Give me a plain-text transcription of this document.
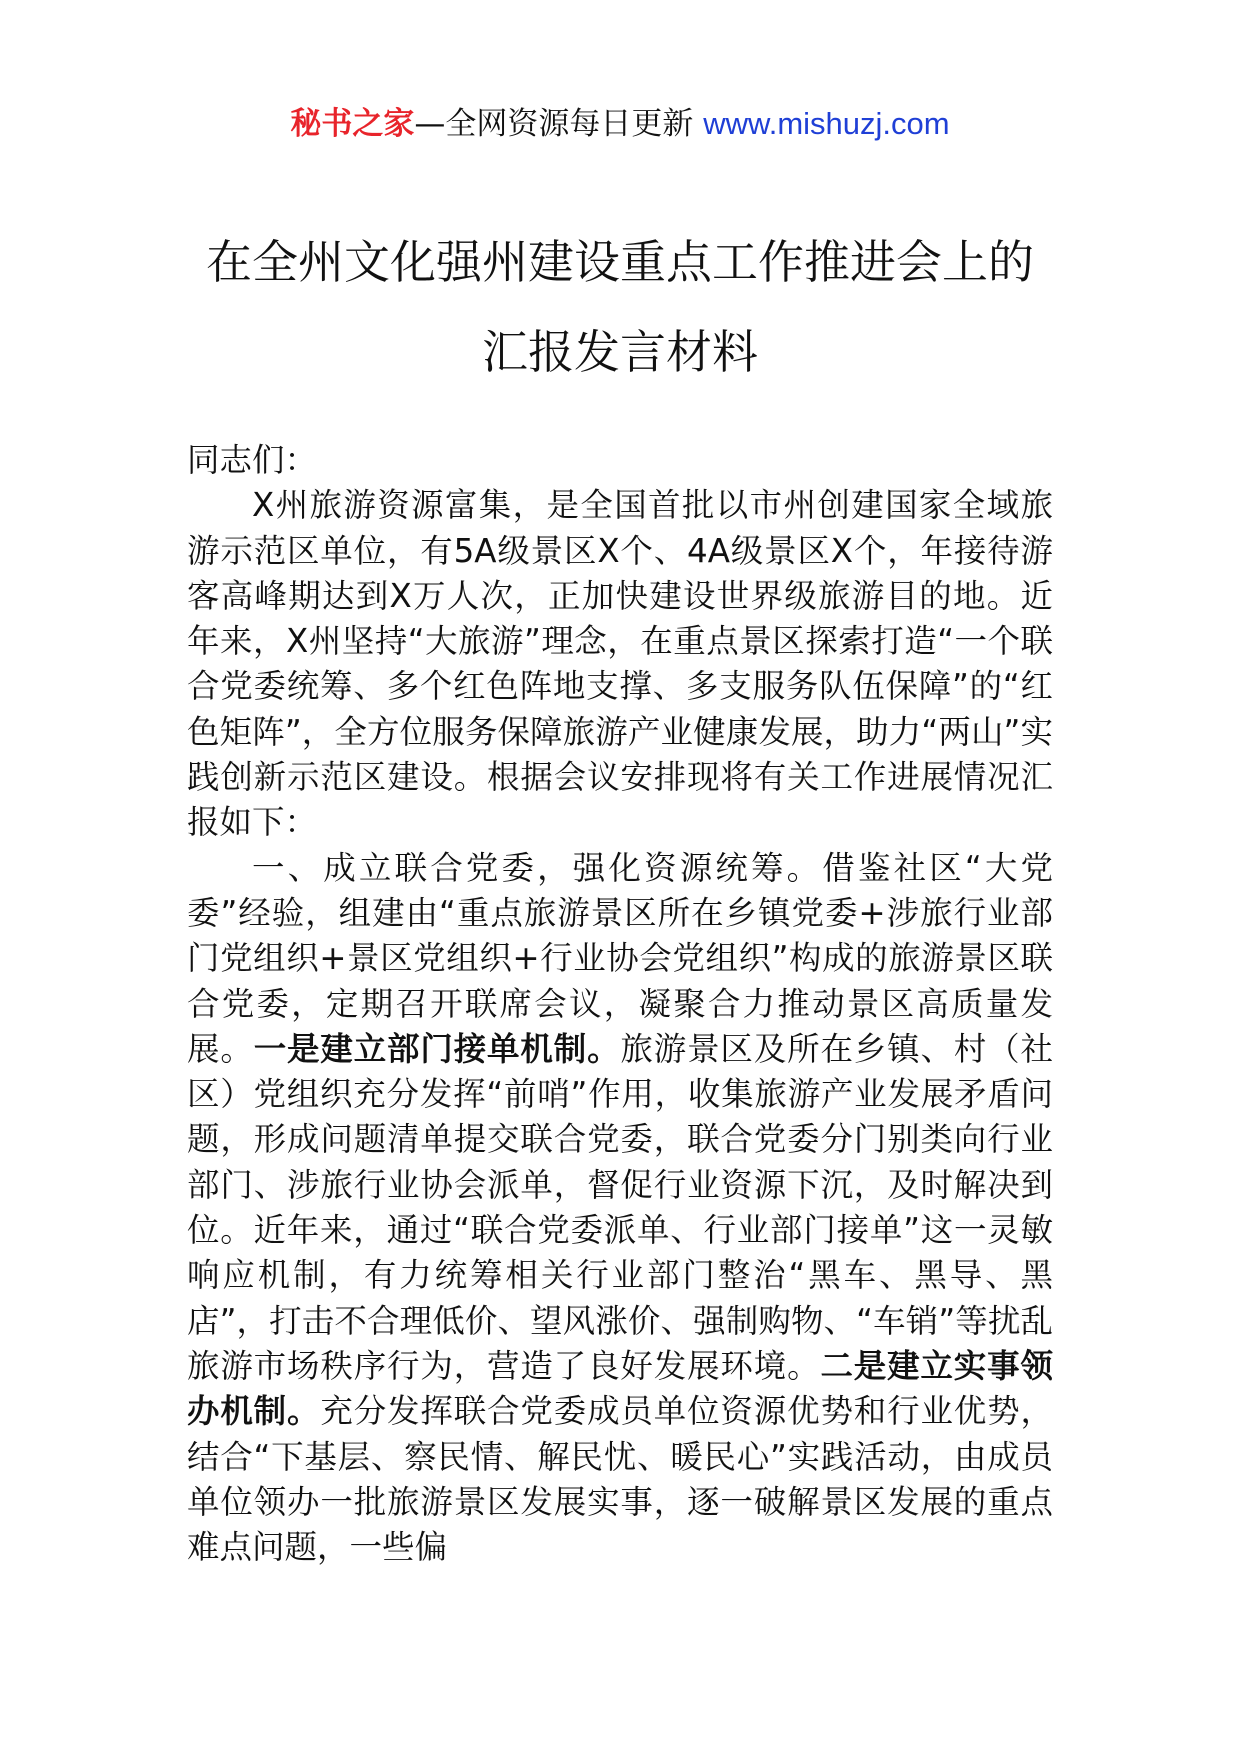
秘书之家—全网资源每日更新 www.mishuzj.com
在全州文化强州建设重点工作推进会上的
汇报发言材料

同志们：

X州旅游资源富集，是全国首批以市州创建国家全域旅游示范区单位，有5A级景区X个、4A级景区X个，年接待游客高峰期达到X万人次，正加快建设世界级旅游目的地。近年来，X州坚持“大旅游”理念，在重点景区探索打造“一个联合党委统筹、多个红色阵地支撑、多支服务队伍保障”的“红色矩阵”，全方位服务保障旅游产业健康发展，助力“两山”实践创新示范区建设。根据会议安排现将有关工作进展情况汇报如下：

一、成立联合党委，强化资源统筹。借鉴社区“大党委”经验，组建由“重点旅游景区所在乡镇党委+涉旅行业部门党组织+景区党组织+行业协会党组织”构成的旅游景区联合党委，定期召开联席会议，凝聚合力推动景区高质量发展。一是建立部门接单机制。旅游景区及所在乡镇、村（社区）党组织充分发挥“前哨”作用，收集旅游产业发展矛盾问题，形成问题清单提交联合党委，联合党委分门别类向行业部门、涉旅行业协会派单，督促行业资源下沉，及时解决到位。近年来，通过“联合党委派单、行业部门接单”这一灵敏响应机制，有力统筹相关行业部门整治“黑车、黑导、黑店”，打击不合理低价、望风涨价、强制购物、“车销”等扰乱旅游市场秩序行为，营造了良好发展环境。二是建立实事领办机制。充分发挥联合党委成员单位资源优势和行业优势，结合“下基层、察民情、解民忧、暖民心”实践活动，由成员单位领办一批旅游景区发展实事，逐一破解景区发展的重点难点问题，一些偏
